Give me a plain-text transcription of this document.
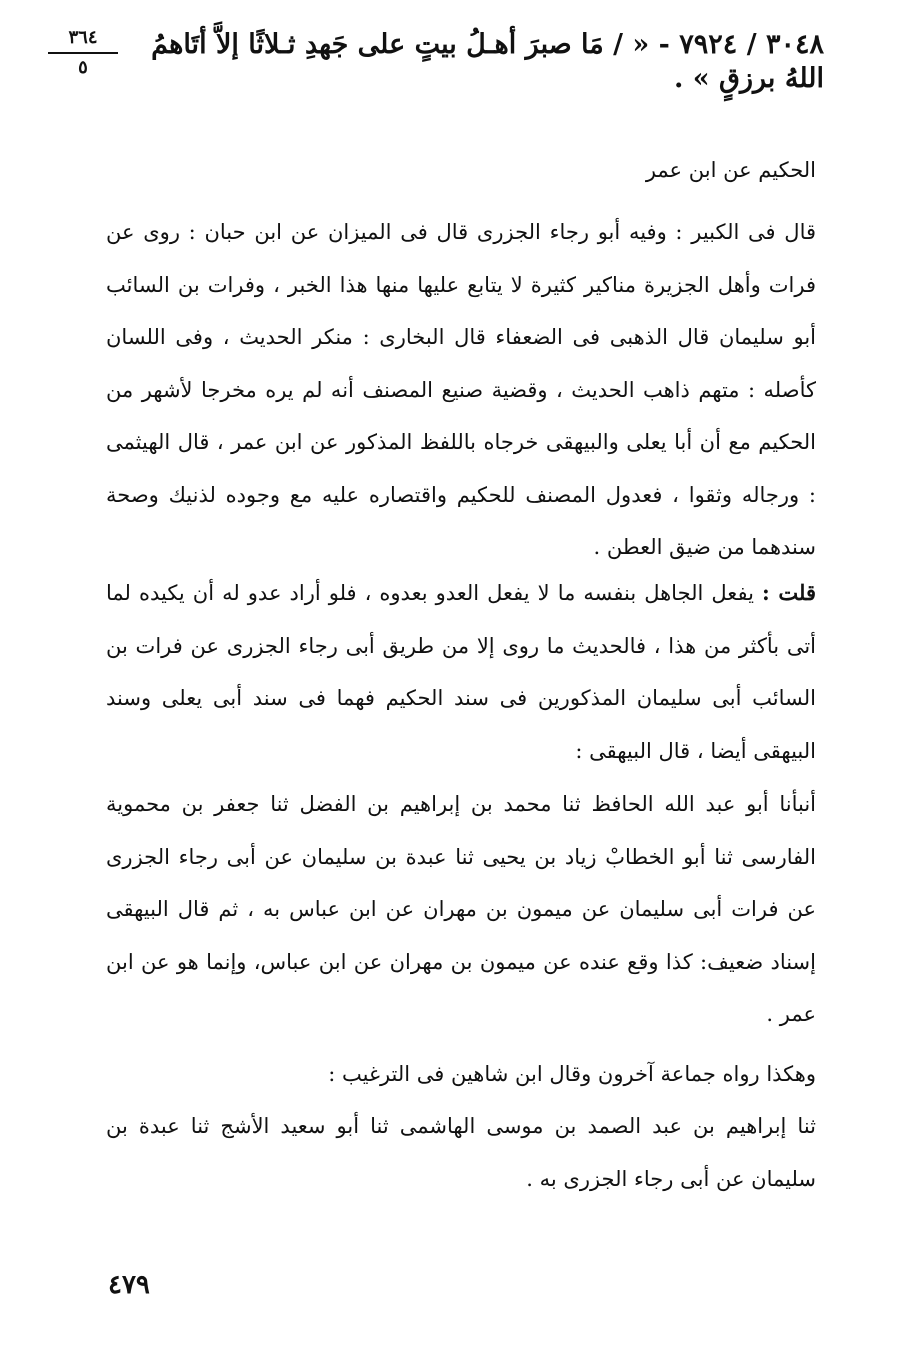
٣٦٤
٥
٣٠٤٨ / ٧٩٢٤ - « / مَا صبرَ أهـلُ بيتٍ على جَهدِ ثـلاثًا إلاَّ أتَاهمُ
اللهُ برزقٍ » .
الحكيم عن ابن عمر

قال فى الكبير : وفيه أبو رجاء الجزرى قال فى الميزان عن ابن حبان : روى عن فرات وأهل الجزيرة مناكير كثيرة لا يتابع عليها منها هذا الخبر ، وفرات بن السائب أبو سليمان قال الذهبى فى الضعفاء قال البخارى : منكر الحديث ، وفى اللسان كأصله : متهم ذاهب الحديث ، وقضية صنيع المصنف أنه لم يره مخرجا لأشهر من الحكيم مع أن أبا يعلى والبيهقى خرجاه باللفظ المذكور عن ابن عمر ، قال الهيثمى : ورجاله وثقوا ، فعدول المصنف للحكيم واقتصاره عليه مع وجوده لذنيك وصحة سندهما من ضيق العطن .

قلت : يفعل الجاهل بنفسه ما لا يفعل العدو بعدوه ، فلو أراد عدو له أن يكيده لما أتى بأكثر من هذا ، فالحديث ما روى إلا من طريق أبى رجاء الجزرى عن فرات بن السائب أبى سليمان المذكورين فى سند الحكيم فهما فى سند أبى يعلى وسند البيهقى أيضا ، قال البيهقى :

أنبأنا أبو عبد الله الحافظ ثنا محمد بن إبراهيم بن الفضل ثنا جعفر بن محموية الفارسى ثنا أبو الخطابْ زياد بن يحيى ثنا عبدة بن سليمان عن أبى رجاء الجزرى عن فرات أبى سليمان عن ميمون بن مهران عن ابن عباس به ، ثم قال البيهقى إسناد ضعيف: كذا وقع عنده عن ميمون بن مهران عن ابن عباس، وإنما هو عن ابن عمر .

وهكذا رواه جماعة آخرون وقال ابن شاهين فى الترغيب :

ثنا إبراهيم بن عبد الصمد بن موسى الهاشمى ثنا أبو سعيد الأشج ثنا عبدة بن سليمان عن أبى رجاء الجزرى به .

٤٧٩
